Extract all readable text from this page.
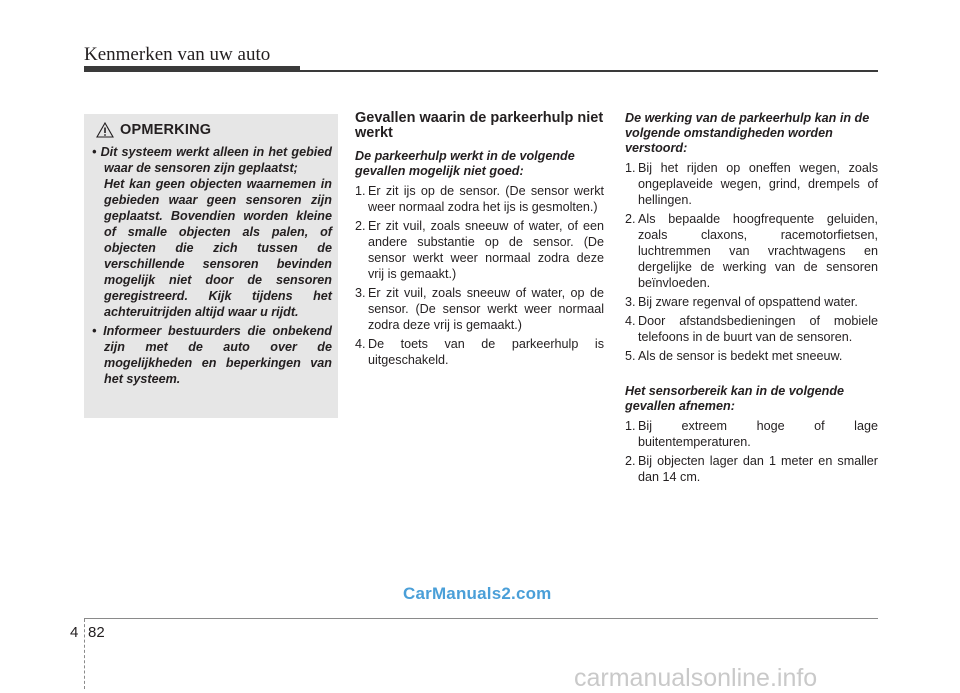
Kenmerken van uw auto
OPMERKING

• Dit systeem werkt alleen in het gebied waar de sensoren zijn geplaatst;

Het kan geen objecten waarnemen in gebieden waar geen sensoren zijn geplaatst. Bovendien worden kleine of smalle objecten als palen, of objecten die zich tussen de verschillende sensoren bevinden mogelijk niet door de sensoren geregistreerd. Kijk tijdens het achteruitrijden altijd waar u rijdt.

• Informeer bestuurders die onbekend zijn met de auto over de mogelijkheden en beperkingen van het systeem.

Gevallen waarin de parkeerhulp niet werkt
De parkeerhulp werkt in de volgende gevallen mogelijk niet goed:
1. Er zit ijs op de sensor. (De sensor werkt weer normaal zodra het ijs is gesmolten.)
2. Er zit vuil, zoals sneeuw of water, of een andere substantie op de sensor. (De sensor werkt weer normaal zodra deze vrij is gemaakt.)
3. Er zit vuil, zoals sneeuw of water, op de sensor. (De sensor werkt weer normaal zodra deze vrij is gemaakt.)
4. De toets van de parkeerhulp is uitgeschakeld.
De werking van de parkeerhulp kan in de volgende omstandigheden worden verstoord:
1. Bij het rijden op oneffen wegen, zoals ongeplaveide wegen, grind, drempels of hellingen.
2. Als bepaalde hoogfrequente geluiden, zoals claxons, racemotorfietsen, luchtremmen van vrachtwagens en dergelijke de werking van de sensoren beïnvloeden.
3. Bij zware regenval of opspattend water.
4. Door afstandsbedieningen of mobiele telefoons in de buurt van de sensoren.
5. Als de sensor is bedekt met sneeuw.
Het sensorbereik kan in de volgende gevallen afnemen:
1. Bij extreem hoge of lage buitentemperaturen.
2. Bij objecten lager dan 1 meter en smaller dan 14 cm.
CarManuals2.com
4 82
carmanualsonline.info
